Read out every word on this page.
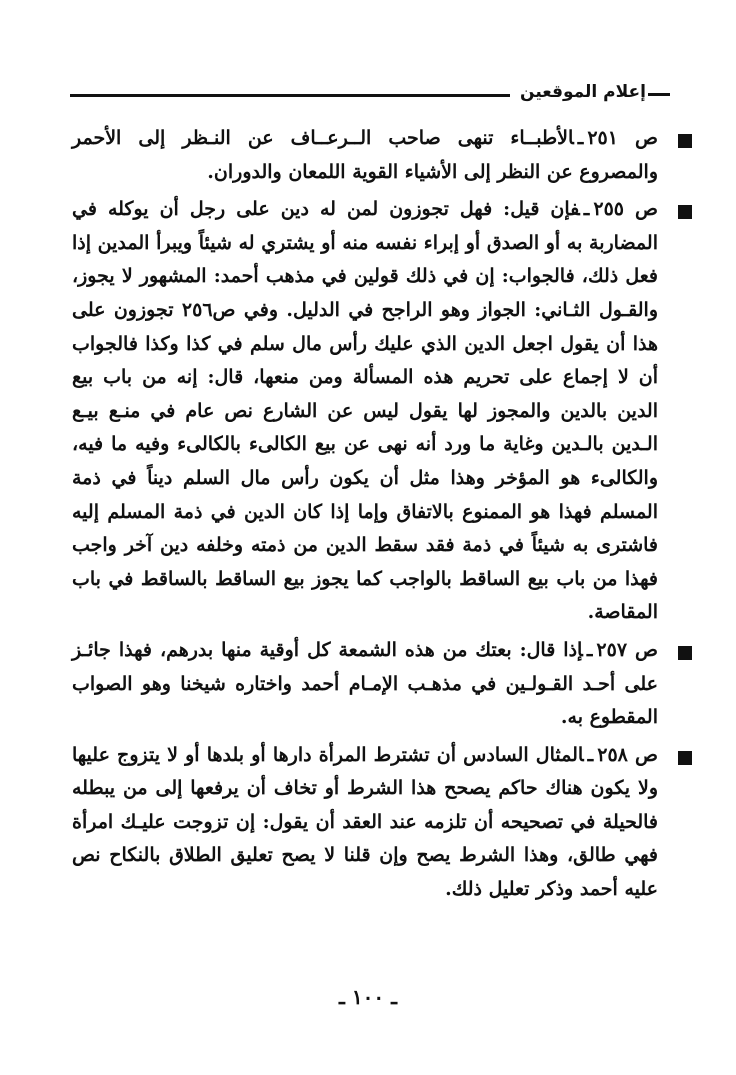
إعلام الموقعين

ص ٢٥١ـالأطبــاء تنهى صاحب الــرعــاف عن النـظر إلى الأحمر والمصروع عن النظر إلى الأشياء القوية اللمعان والدوران.

ص ٢٥٥ـفإن قيل: فهل تجوزون لمن له دين على رجل أن يوكله في المضاربة به أو الصدق أو إبراء نفسه منه أو يشتري له شيئاً ويبرأ المدين إذا فعل ذلك، فالجواب: إن في ذلك قولين في مذهب أحمد: المشهور لا يجوز، والقـول الثـاني: الجواز وهو الراجح في الدليل. وفي ص٢٥٦ تجوزون على هذا أن يقول اجعل الدين الذي عليك رأس مال سلم في كذا وكذا فالجواب أن لا إجماع على تحريم هذه المسألة ومن منعها، قال: إنه من باب بيع الدين بالدين والمجوز لها يقول ليس عن الشارع نص عام في منـع بيـع الـدين بالـدين وغاية ما ورد أنه نهى عن بيع الكالىء بالكالىء وفيه ما فيه، والكالىء هو المؤخر وهذا مثل أن يكون رأس مال السلم ديناً في ذمة المسلم فهذا هو الممنوع بالاتفاق وإما إذا كان الدين في ذمة المسلم إليه فاشترى به شيئاً في ذمة فقد سقط الدين من ذمته وخلفه دين آخر واجب فهذا من باب بيع الساقط بالواجب كما يجوز بيع الساقط بالساقط في باب المقاصة.

ص ٢٥٧ـإذا قال: بعتك من هذه الشمعة كل أوقية منها بدرهم، فهذا جائـز على أحـد القـولـين في مذهـب الإمـام أحمد واختاره شيخنا وهو الصواب المقطوع به.

ص ٢٥٨ـالمثال السادس أن تشترط المرأة دارها أو بلدها أو لا يتزوج عليها ولا يكون هناك حاكم يصحح هذا الشرط أو تخاف أن يرفعها إلى من يبطله فالحيلة في تصحيحه أن تلزمه عند العقد أن يقول: إن تزوجت عليـك امرأة فهي طالق، وهذا الشرط يصح وإن قلنا لا يصح تعليق الطلاق بالنكاح نص عليه أحمد وذكر تعليل ذلك.

ـ ١٠٠ ـ
